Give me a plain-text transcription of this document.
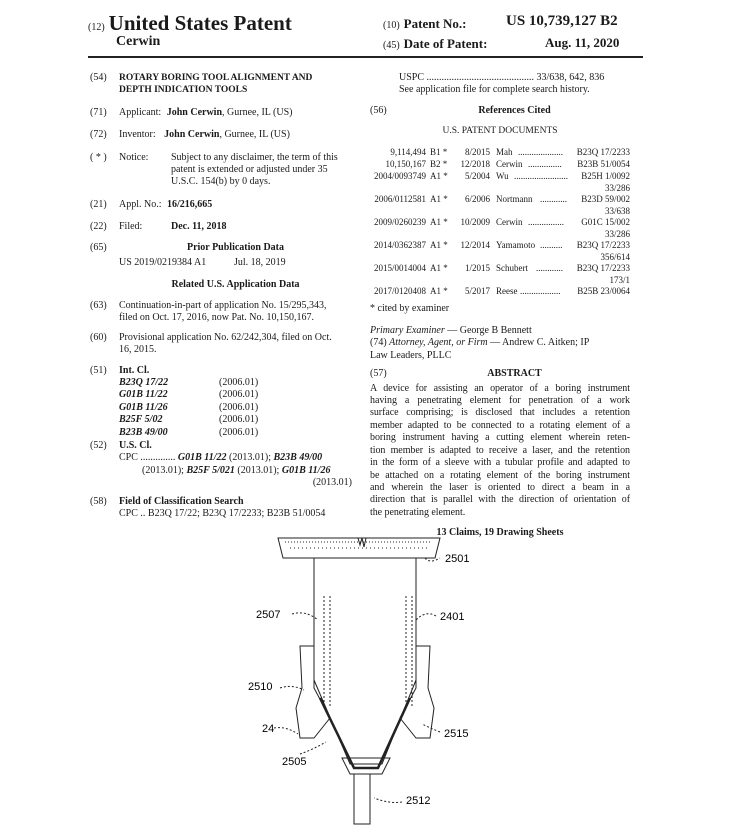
(12) United States Patent
Cerwin
(10) Patent No.:	US 10,739,127 B2
(45) Date of Patent:	Aug. 11, 2020
(54) ROTARY BORING TOOL ALIGNMENT AND
DEPTH INDICATION TOOLS
(71) Applicant: John Cerwin, Gurnee, IL (US)
(72) Inventor: John Cerwin, Gurnee, IL (US)
( * ) Notice: Subject to any disclaimer, the term of this
patent is extended or adjusted under 35
U.S.C. 154(b) by 0 days.
(21) Appl. No.: 16/216,665
(22) Filed:	Dec. 11, 2018
(65)	Prior Publication Data
US 2019/0219384 A1	Jul. 18, 2019
Related U.S. Application Data
(63) Continuation-in-part of application No. 15/295,343,
filed on Oct. 17, 2016, now Pat. No. 10,150,167.
(60) Provisional application No. 62/242,304, filed on Oct.
16, 2015.
(51) Int. Cl.
B23Q 17/22	(2006.01)
G01B 11/22	(2006.01)
G01B 11/26	(2006.01)
B25F 5/02	(2006.01)
B23B 49/00	(2006.01)
(52) U.S. Cl.
CPC .............. G01B 11/22 (2013.01); B23B 49/00
(2013.01); B25F 5/021 (2013.01); G01B 11/26
(2013.01)
(58) Field of Classification Search
CPC .. B23Q 17/22; B23Q 17/2233; B23B 51/0054
USPC ........................................... 33/638, 642, 836
See application file for complete search history.
(56)	References Cited
U.S. PATENT DOCUMENTS
9,114,494 B1 * 8/2015 Mah .................... B23Q 17/2233
10,150,167 B2 * 12/2018 Cerwin ............... B23B 51/0054
2004/0093749 A1 * 5/2004 Wu ........................ B25H 1/0092
33/286
2006/0112581 A1 * 6/2006 Nortmann ............ B23D 59/002
33/638
2009/0260239 A1 * 10/2009 Cerwin ................ G01C 15/002
33/286
2014/0362387 A1 * 12/2014 Yamamoto .......... B23Q 17/2233
356/614
2015/0014004 A1 * 1/2015 Schubert ............ B23Q 17/2233
173/1
2017/0120408 A1 * 5/2017 Reese .................. B25B 23/0064
* cited by examiner
Primary Examiner — George B Bennett
(74) Attorney, Agent, or Firm — Andrew C. Aitken; IP
Law Leaders, PLLC
(57)	ABSTRACT
A device for assisting an operator of a boring instrument
having a penetrating element for penetration of a work
surface comprising; is disclosed that includes a retention
member adapted to be connected to a rotating element of a
boring instrument having a cutting element wherein reten-
tion member is adapted to receive a laser, and the retention
in the form of a sleeve with a tubular profile and adapted to
be attached on a rotating element of the boring instrument
and wherein the laser is oriented to direct a beam in a
direction that is parallel with the direction of orientation of
the penetrating element.
13 Claims, 19 Drawing Sheets
2501
2507	2401
2510
24	2515
2505
2512
